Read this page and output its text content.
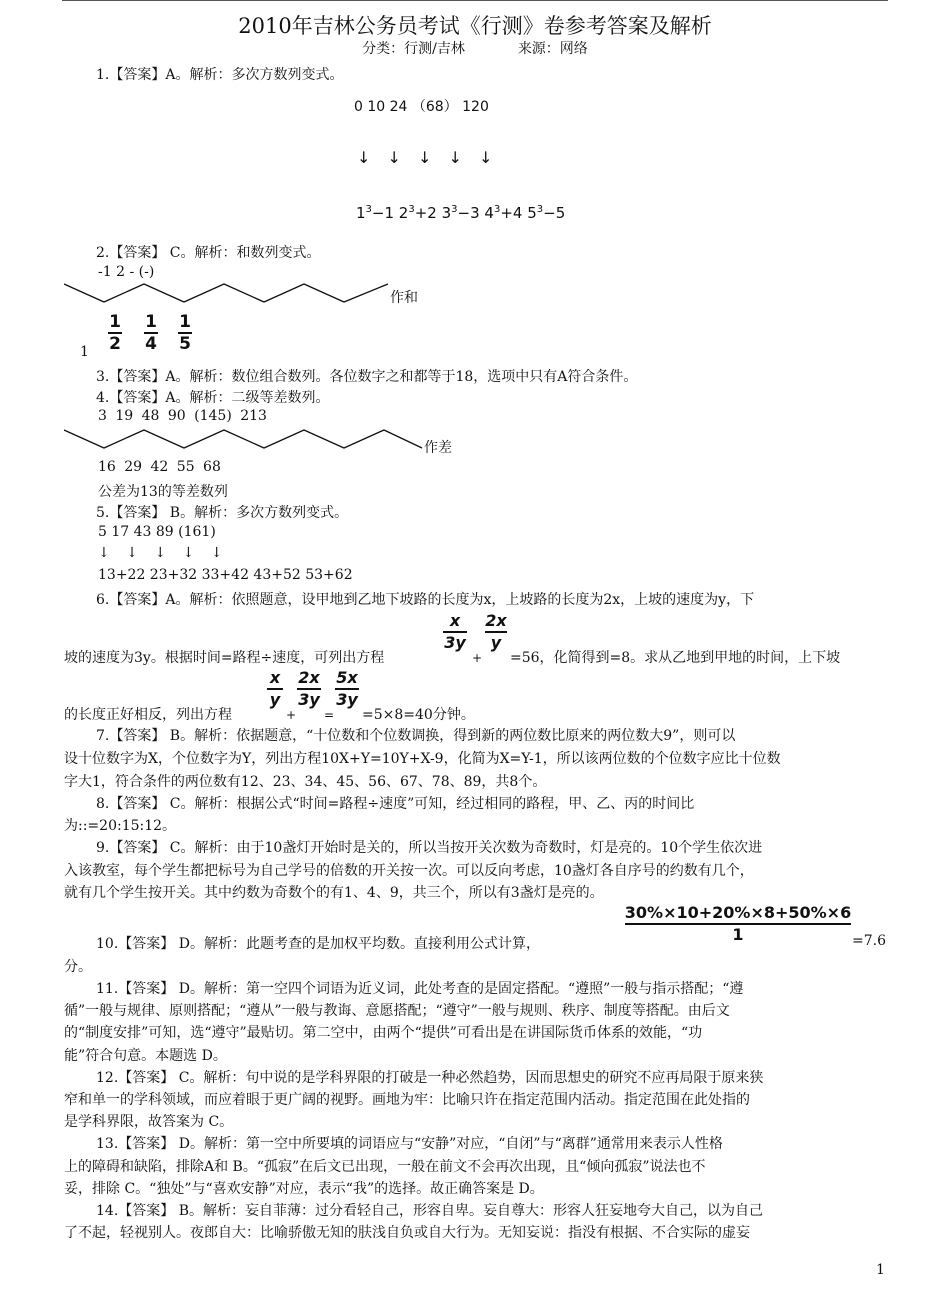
2010年吉林公务员考试《行测》卷参考答案及解析
分类：行测/吉林	来源：网络
1.【答案】A。解析：多次方数列变式。
0 10 24 （68） 120
↓ ↓ ↓ ↓ ↓
$1^3-1$ $2^3+2$ $3^3-3$ $4^3+4$ $5^3-5$
2.【答案】 C。解析：和数列变式。
-1 2 - (-)
作和
1
1
2
1
4
1
5
3.【答案】A。解析：数位组合数列。各位数字之和都等于18，选项中只有A符合条件。
4.【答案】A。解析：二级等差数列。
3 19 48 90 (145) 213
作差
16 29 42 55 68
公差为13的等差数列
5.【答案】 B。解析：多次方数列变式。
5 17 43 89 (161)
↓ ↓ ↓ ↓ ↓
13+22 23+32 33+42 43+52 53+62
6.【答案】A。解析：依照题意，设甲地到乙地下坡路的长度为x，上坡路的长度为2x，上坡的速度为y，下
坡的速度为3y。根据时间=路程÷速度，可列出方程
x
3y
+
2x
y
=56，化简得到=8。求从乙地到甲地的时间，上下坡
的长度正好相反，列出方程
x
y
+
2x
3y
=
5x
3y
=5×8=40分钟。
7.【答案】 B。解析：依据题意，“十位数和个位数调换，得到新的两位数比原来的两位数大9”，则可以
设十位数字为X，个位数字为Y，列出方程10X+Y=10Y+X-9，化简为X=Y-1，所以该两位数的个位数字应比十位数
字大1，符合条件的两位数有12、23、34、45、56、67、78、89，共8个。
8.【答案】 C。解析：根据公式“时间=路程÷速度”可知，经过相同的路程，甲、乙、丙的时间比
为::=20:15:12。
9.【答案】 C。解析：由于10盏灯开始时是关的，所以当按开关次数为奇数时，灯是亮的。10个学生依次进
入该教室，每个学生都把标号为自己学号的倍数的开关按一次。可以反向考虑，10盏灯各自序号的约数有几个，
就有几个学生按开关。其中约数为奇数个的有1、4、9，共三个，所以有3盏灯是亮的。
10.【答案】 D。解析：此题考查的是加权平均数。直接利用公式计算，
30%×10+20%×8+50%×6
1	=7.6
分。
11.【答案】 D。解析：第一空四个词语为近义词，此处考查的是固定搭配。“遵照”一般与指示搭配；“遵
循”一般与规律、原则搭配；“遵从”一般与教诲、意愿搭配；“遵守”一般与规则、秩序、制度等搭配。由后文
的“制度安排”可知，选“遵守”最贴切。第二空中，由两个“提供”可看出是在讲国际货币体系的效能，“功
能”符合句意。本题选 D。
12.【答案】 C。解析：句中说的是学科界限的打破是一种必然趋势，因而思想史的研究不应再局限于原来狭
窄和单一的学科领域，而应着眼于更广阔的视野。画地为牢：比喻只许在指定范围内活动。指定范围在此处指的
是学科界限，故答案为 C。
13.【答案】 D。解析：第一空中所要填的词语应与“安静”对应，“自闭”与“离群”通常用来表示人性格
上的障碍和缺陷，排除A和 B。“孤寂”在后文已出现，一般在前文不会再次出现，且“倾向孤寂”说法也不
妥，排除 C。“独处”与“喜欢安静”对应，表示“我”的选择。故正确答案是 D。
14.【答案】 B。解析：妄自菲薄：过分看轻自己，形容自卑。妄自尊大：形容人狂妄地夸大自己，以为自己
了不起，轻视别人。夜郎自大：比喻骄傲无知的肤浅自负或自大行为。无知妄说：指没有根据、不合实际的虚妄
1
